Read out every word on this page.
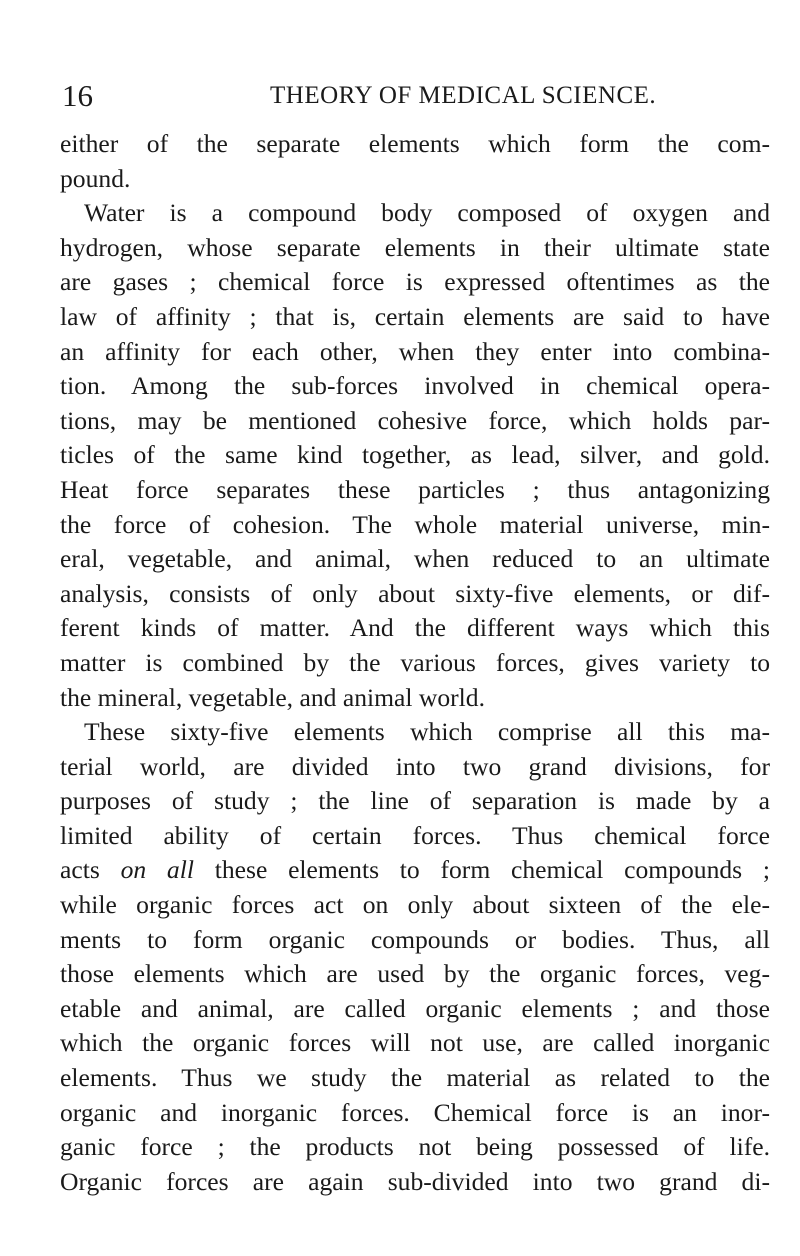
16	THEORY OF MEDICAL SCIENCE.
either of the separate elements which form the com-
pound.
Water is a compound body composed of oxygen and
hydrogen, whose separate elements in their ultimate state
are gases ; chemical force is expressed oftentimes as the
law of affinity ; that is, certain elements are said to have
an affinity for each other, when they enter into combina-
tion. Among the sub-forces involved in chemical opera-
tions, may be mentioned cohesive force, which holds par-
ticles of the same kind together, as lead, silver, and gold.
Heat force separates these particles ; thus antagonizing
the force of cohesion. The whole material universe, min-
eral, vegetable, and animal, when reduced to an ultimate
analysis, consists of only about sixty-five elements, or dif-
ferent kinds of matter. And the different ways which this
matter is combined by the various forces, gives variety to
the mineral, vegetable, and animal world.
These sixty-five elements which comprise all this ma-
terial world, are divided into two grand divisions, for
purposes of study ; the line of separation is made by a
limited ability of certain forces. Thus chemical force
acts on all these elements to form chemical compounds ;
while organic forces act on only about sixteen of the ele-
ments to form organic compounds or bodies. Thus, all
those elements which are used by the organic forces, veg-
etable and animal, are called organic elements ; and those
which the organic forces will not use, are called inorganic
elements. Thus we study the material as related to the
organic and inorganic forces. Chemical force is an inor-
ganic force ; the products not being possessed of life.
Organic forces are again sub-divided into two grand di-
